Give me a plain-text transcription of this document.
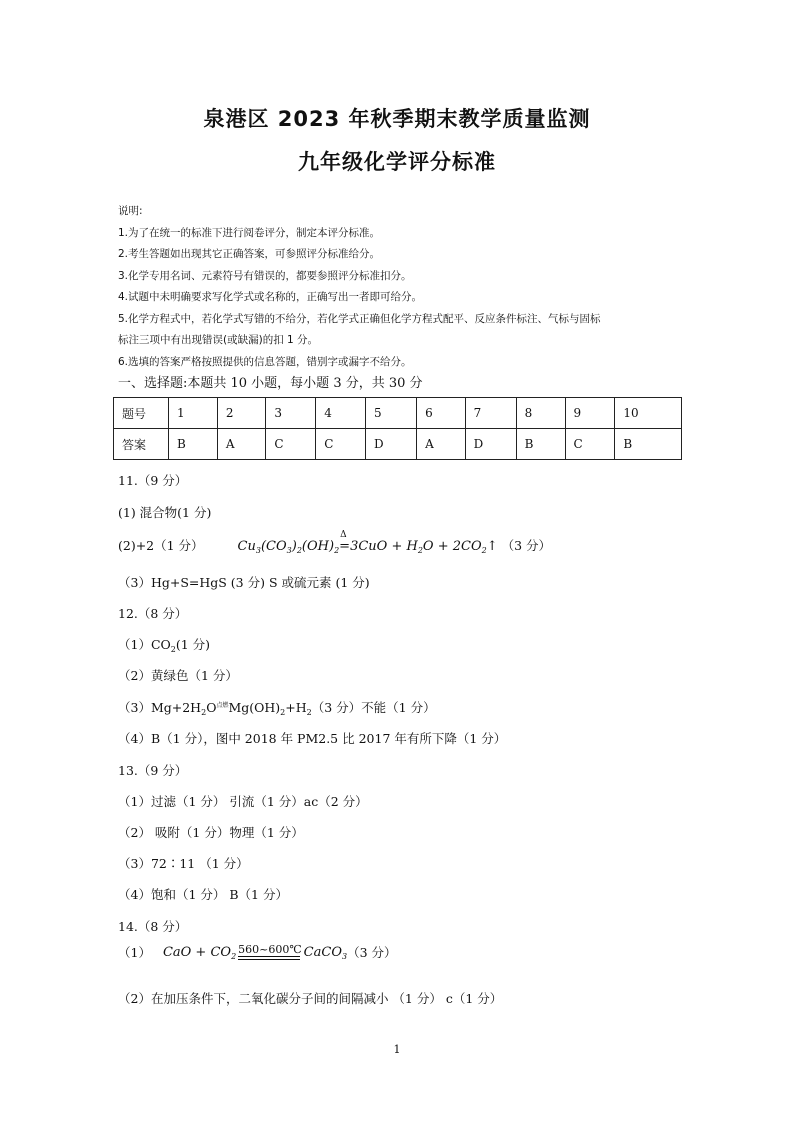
泉港区 2023 年秋季期末教学质量监测
九年级化学评分标准
说明:
1.为了在统一的标准下进行阅卷评分，制定本评分标准。
2.考生答题如出现其它正确答案，可参照评分标准给分。
3.化学专用名词、元素符号有错误的，都要参照评分标准扣分。
4.试题中未明确要求写化学式或名称的，正确写出一者即可给分。
5.化学方程式中，若化学式写错的不给分，若化学式正确但化学方程式配平、反应条件标注、气标与固标
标注三项中有出现错误(或缺漏)的扣 1 分。
6.选填的答案严格按照提供的信息答题，错别字或漏字不给分。
一、选择题:本题共 10 小题，每小题 3 分，共 30 分
题号	1	2	3	4	5	6	7	8	9	10
答案	B	A	C	C	D	A	D	B	C	B
11.（9 分）
(1) 混合物(1 分)
(2)+2（1 分）	$Cu_3(CO_3)_2(OH)_2$
Δ
$=3CuO + H_2O$ + $2CO_2↑$ （3 分）
（3）Hg+S=HgS (3 分) S 或硫元素 (1 分)
12.（8 分）
$(1)CO_2(1$ 分)
（2）黄绿色（1 分）
$(3)Mg+2H_2O^{点燃}Mg(OH)_2+H_2(3$ 分）不能（1 分）
（4）B（1 分），图中 2018 年 PM2.5 比 2017 年有所下降（1 分）
13.（9 分）
（1）过滤（1 分） 引流（1 分）ac（2 分）
（2） 吸附（1 分）物理（1 分）
（3）72∶11 （1 分）
（4）饱和（1 分） B（1 分）
14.（8 分）
（1） CaO + $CO_2$ 560~600℃ CaCO$_3$（3 分）
（2）在加压条件下，二氧化碳分子间的间隔减小 （1 分） c（1 分）
1
